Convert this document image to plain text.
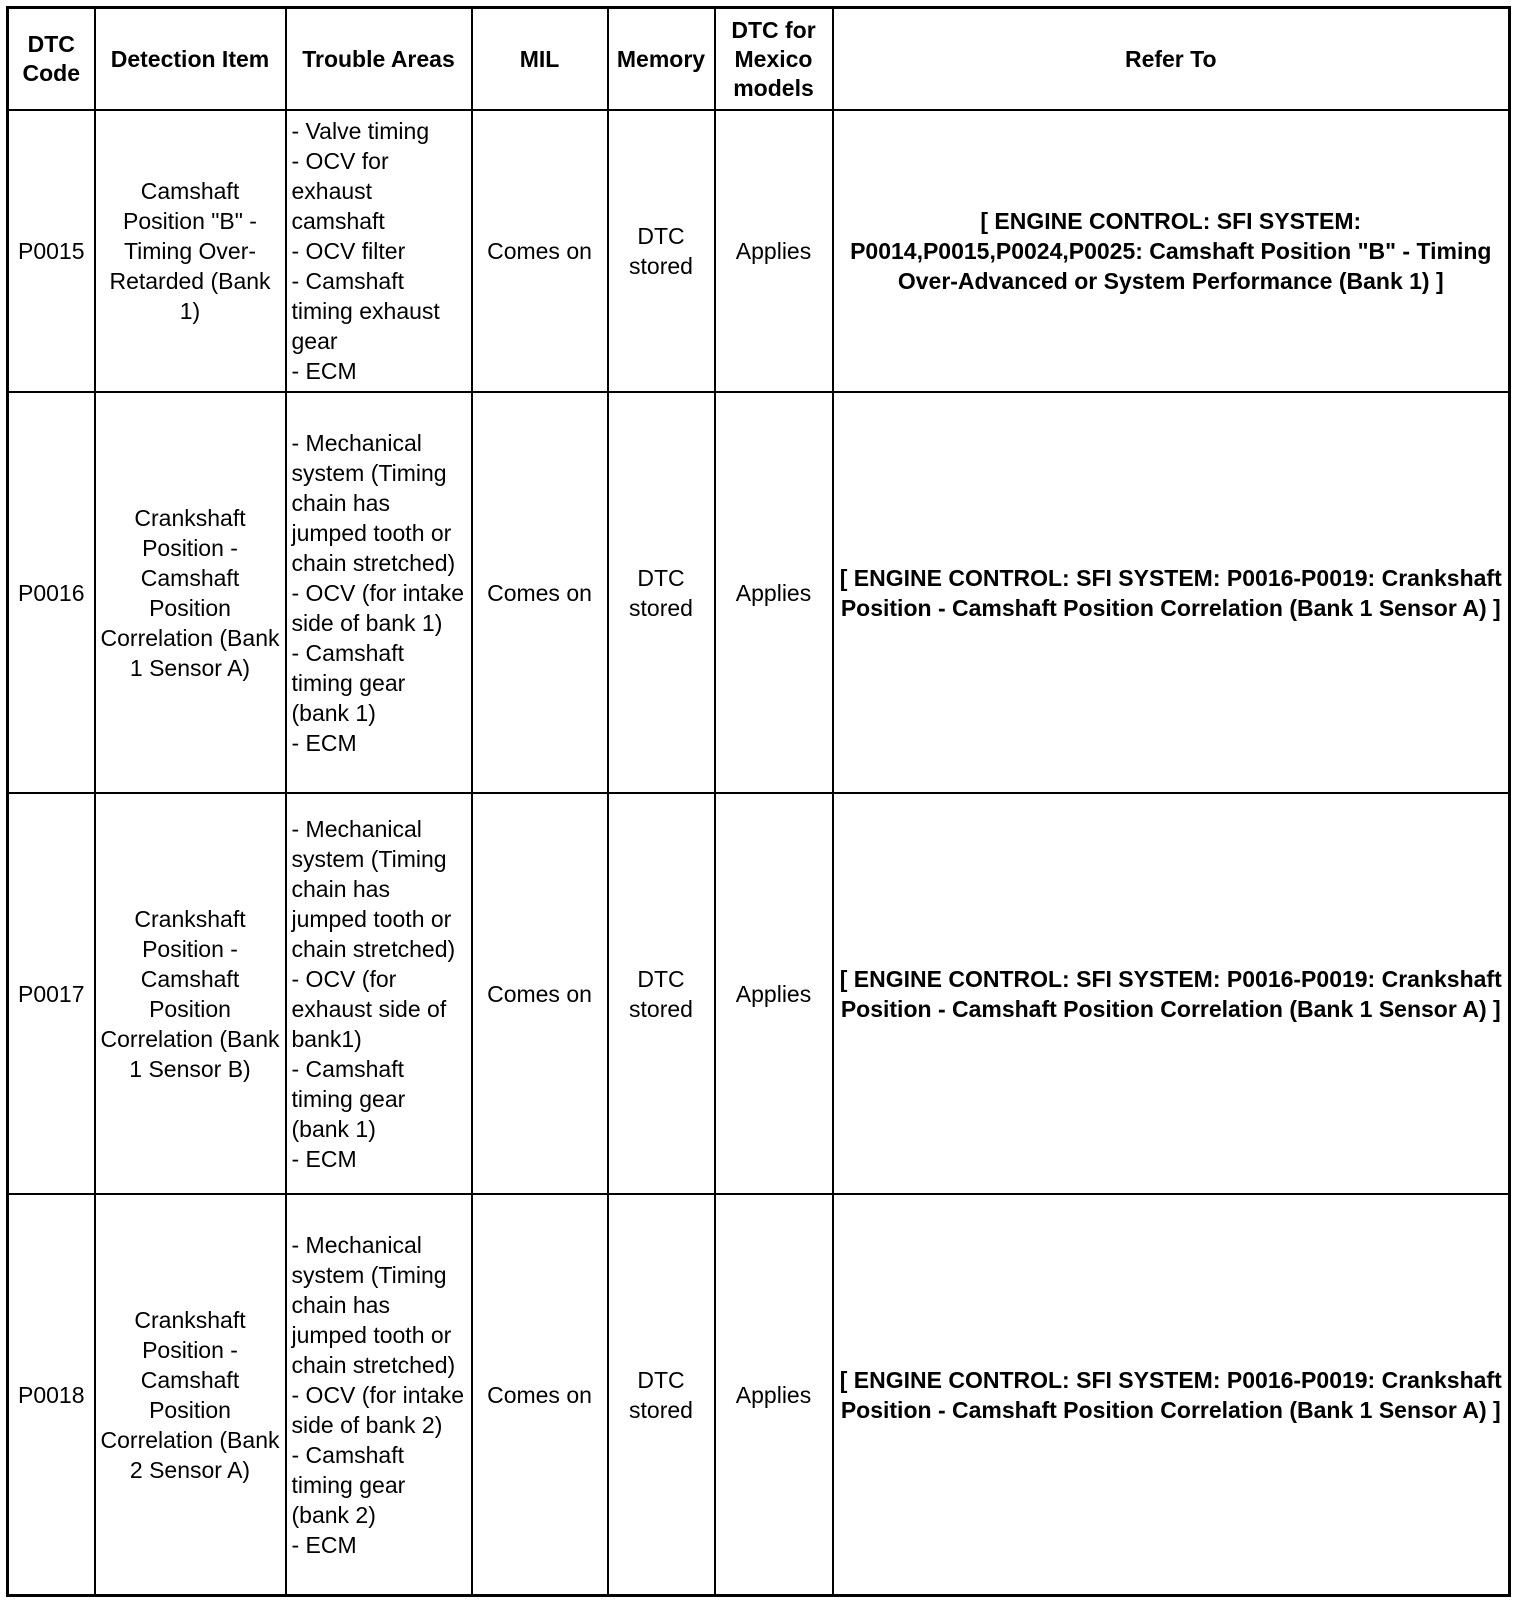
DTC Code	Detection Item	Trouble Areas	MIL	Memory	DTC for Mexico models	Refer To
P0015	Camshaft Position "B" - Timing Over-Retarded (Bank 1)	- Valve timing
- OCV for exhaust camshaft
- OCV filter
- Camshaft timing exhaust gear
- ECM	Comes on	DTC stored	Applies	[ ENGINE CONTROL: SFI SYSTEM: P0014,P0015,P0024,P0025: Camshaft Position "B" - Timing Over-Advanced or System Performance (Bank 1) ]
P0016	Crankshaft Position - Camshaft Position Correlation (Bank 1 Sensor A)	- Mechanical system (Timing chain has jumped tooth or chain stretched)
- OCV (for intake side of bank 1)
- Camshaft timing gear (bank 1)
- ECM	Comes on	DTC stored	Applies	[ ENGINE CONTROL: SFI SYSTEM: P0016-P0019: Crankshaft Position - Camshaft Position Correlation (Bank 1 Sensor A) ]
P0017	Crankshaft Position - Camshaft Position Correlation (Bank 1 Sensor B)	- Mechanical system (Timing chain has jumped tooth or chain stretched)
- OCV (for exhaust side of bank1)
- Camshaft timing gear (bank 1)
- ECM	Comes on	DTC stored	Applies	[ ENGINE CONTROL: SFI SYSTEM: P0016-P0019: Crankshaft Position - Camshaft Position Correlation (Bank 1 Sensor A) ]
P0018	Crankshaft Position - Camshaft Position Correlation (Bank 2 Sensor A)	- Mechanical system (Timing chain has jumped tooth or chain stretched)
- OCV (for intake side of bank 2)
- Camshaft timing gear (bank 2)
- ECM	Comes on	DTC stored	Applies	[ ENGINE CONTROL: SFI SYSTEM: P0016-P0019: Crankshaft Position - Camshaft Position Correlation (Bank 1 Sensor A) ]
